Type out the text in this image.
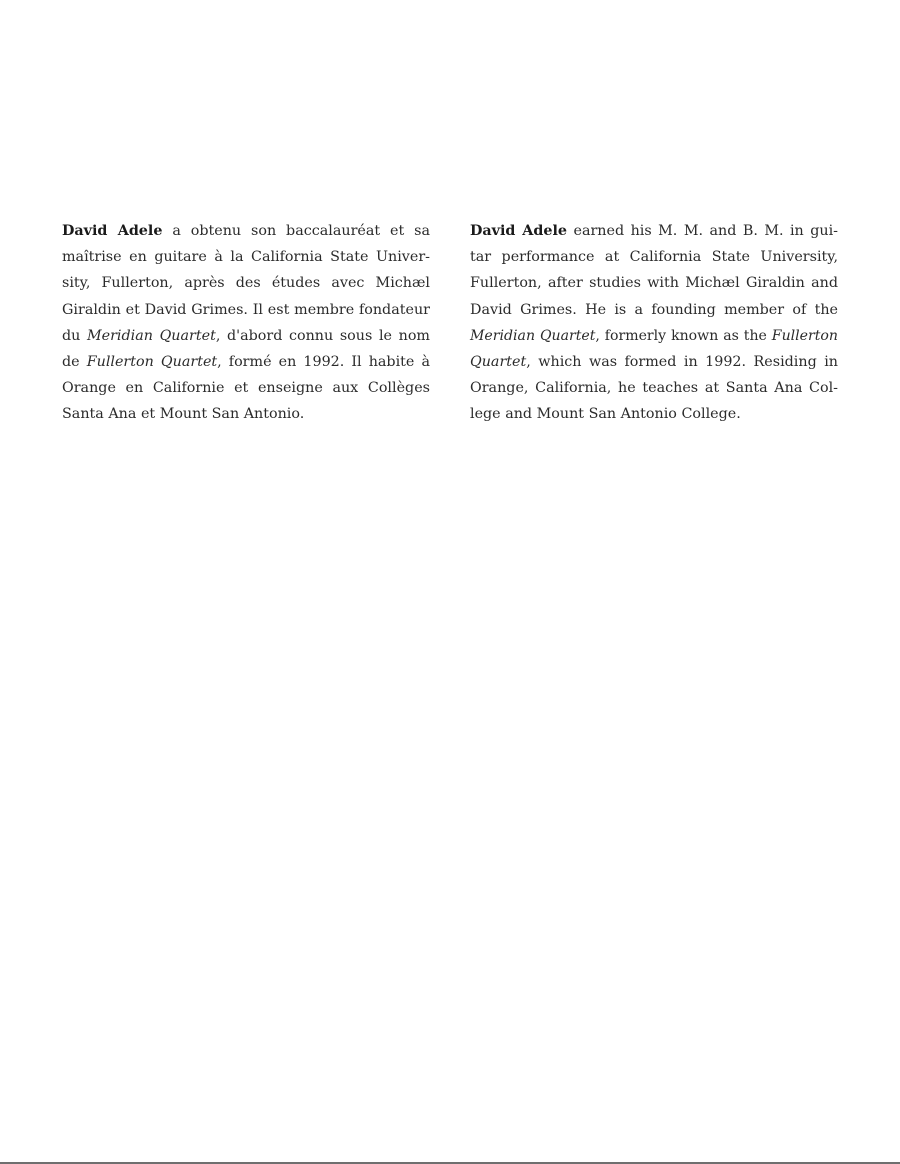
David Adele a obtenu son baccalauréat et sa
maîtrise en guitare à la California State Univer-
sity, Fullerton, après des études avec Michæl
Giraldin et David Grimes. Il est membre fondateur
du Meridian Quartet, d'abord connu sous le nom
de Fullerton Quartet, formé en 1992. Il habite à
Orange en Californie et enseigne aux Collèges
Santa Ana et Mount San Antonio.
David Adele earned his M. M. and B. M. in gui-
tar performance at California State University,
Fullerton, after studies with Michæl Giraldin and
David Grimes. He is a founding member of the
Meridian Quartet, formerly known as the Fullerton
Quartet, which was formed in 1992. Residing in
Orange, California, he teaches at Santa Ana Col-
lege and Mount San Antonio College.
